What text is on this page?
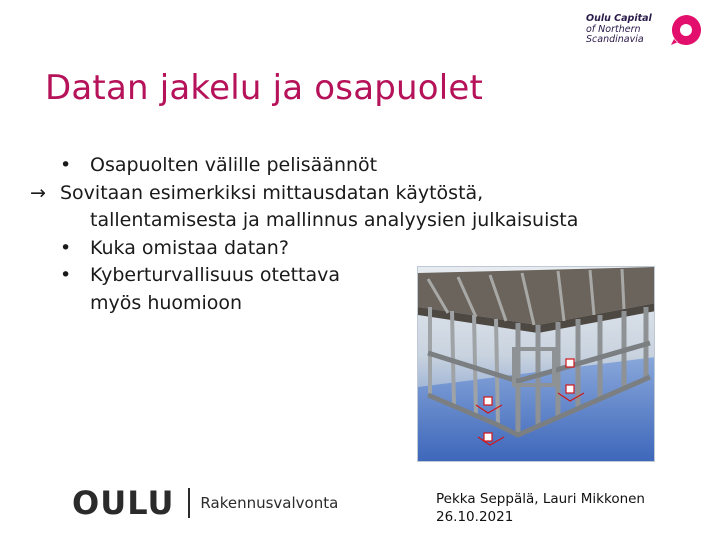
Oulu Capital
of Northern
Scandinavia
Datan jakelu ja osapuolet
• Osapuolten välille pelisäännöt
→ Sovitaan esimerkiksi mittausdatan käytöstä,
tallentamisesta ja mallinnus analyysien julkaisuista
• Kuka omistaa datan?
• Kyberturvallisuus otettava
myös huomioon
OULU Rakennusvalvonta	Pekka Seppälä, Lauri Mikkonen
26.10.2021
